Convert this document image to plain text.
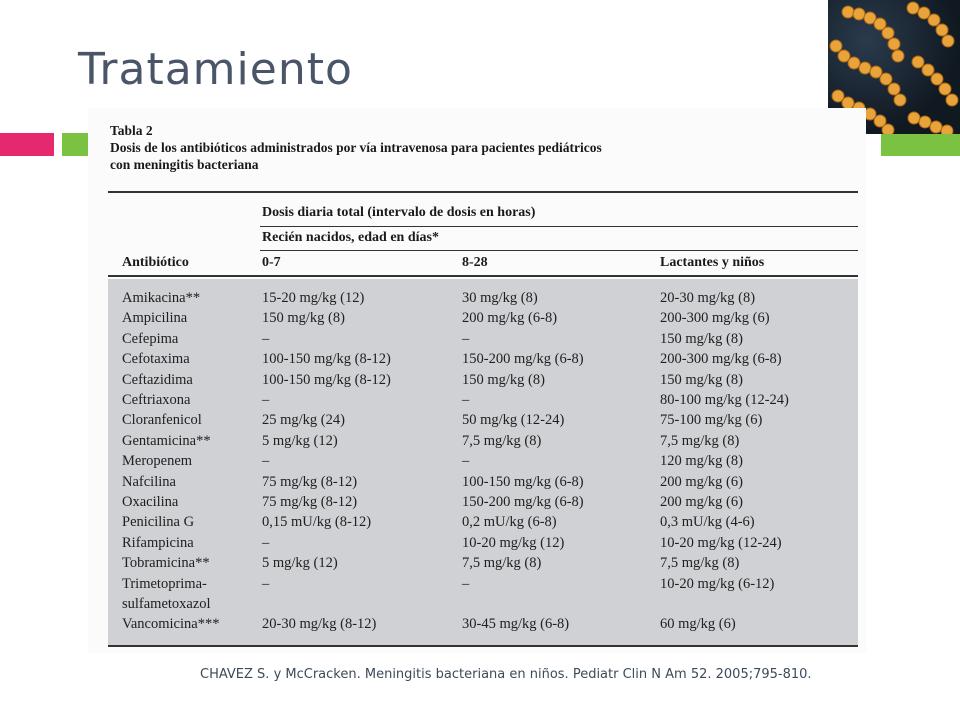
Tratamiento
Tabla 2
Dosis de los antibióticos administrados por vía intravenosa para pacientes pediátricos
con meningitis bacteriana
Dosis diaria total (intervalo de dosis en horas)
Recién nacidos, edad en días*
Antibiótico	0-7	8-28	Lactantes y niños
Amikacina**	15-20 mg/kg (12)	30 mg/kg (8)	20-30 mg/kg (8)
Ampicilina	150 mg/kg (8)	200 mg/kg (6-8)	200-300 mg/kg (6)
Cefepima	–	–	150 mg/kg (8)
Cefotaxima	100-150 mg/kg (8-12)	150-200 mg/kg (6-8)	200-300 mg/kg (6-8)
Ceftazidima	100-150 mg/kg (8-12)	150 mg/kg (8)	150 mg/kg (8)
Ceftriaxona	–	–	80-100 mg/kg (12-24)
Cloranfenicol	25 mg/kg (24)	50 mg/kg (12-24)	75-100 mg/kg (6)
Gentamicina**	5 mg/kg (12)	7,5 mg/kg (8)	7,5 mg/kg (8)
Meropenem	–	–	120 mg/kg (8)
Nafcilina	75 mg/kg (8-12)	100-150 mg/kg (6-8)	200 mg/kg (6)
Oxacilina	75 mg/kg (8-12)	150-200 mg/kg (6-8)	200 mg/kg (6)
Penicilina G	0,15 mU/kg (8-12)	0,2 mU/kg (6-8)	0,3 mU/kg (4-6)
Rifampicina	–	10-20 mg/kg (12)	10-20 mg/kg (12-24)
Tobramicina**	5 mg/kg (12)	7,5 mg/kg (8)	7,5 mg/kg (8)
Trimetoprima-	–	–	10-20 mg/kg (6-12)
sulfametoxazol
Vancomicina***	20-30 mg/kg (8-12)	30-45 mg/kg (6-8)	60 mg/kg (6)
CHAVEZ S. y McCracken. Meningitis bacteriana en niños. Pediatr Clin N Am 52. 2005;795-810.
